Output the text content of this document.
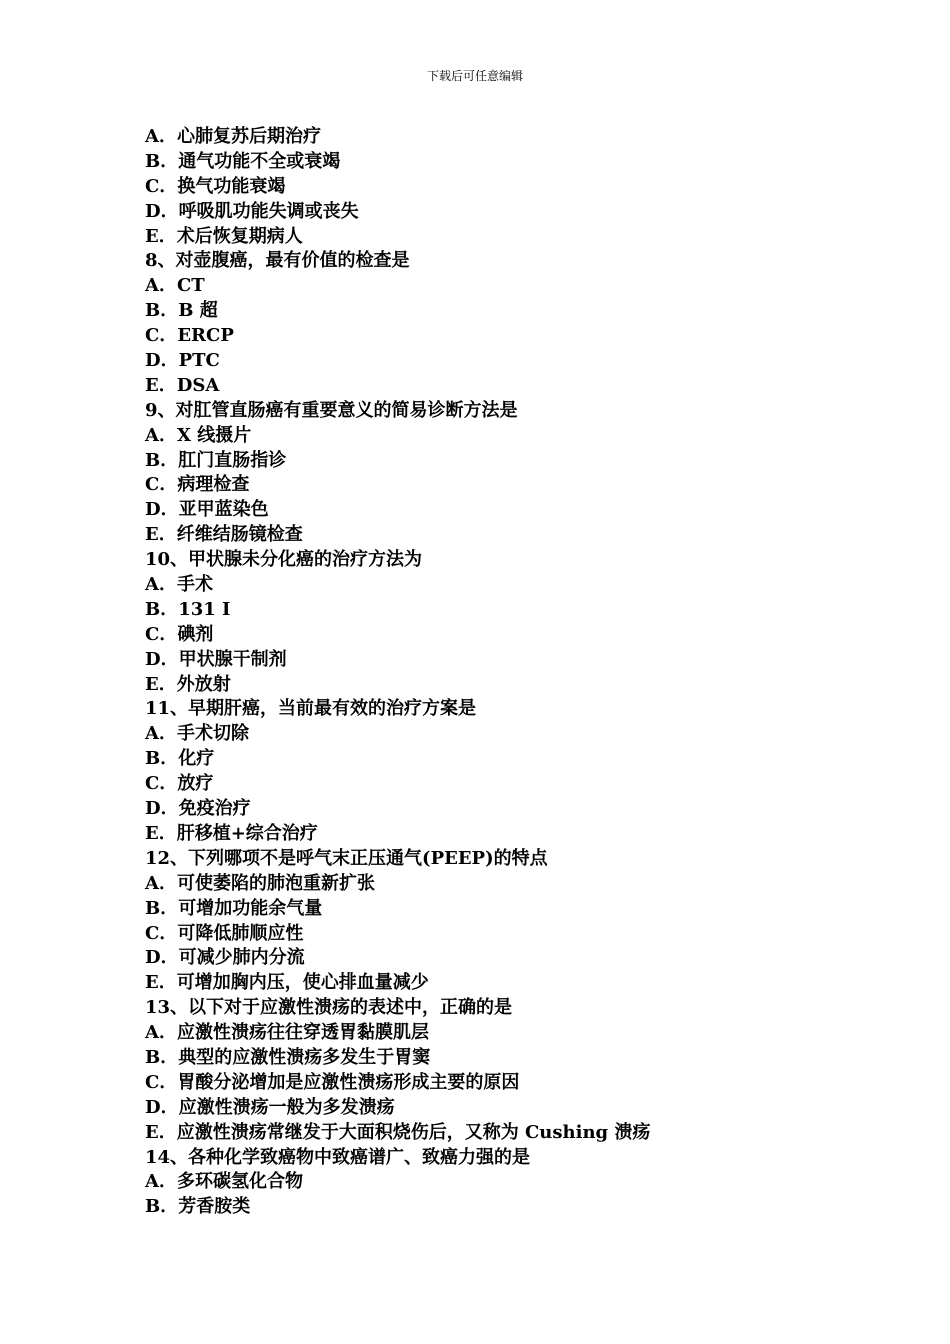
下载后可任意编辑
A．心肺复苏后期治疗
B．通气功能不全或衰竭
C．换气功能衰竭
D．呼吸肌功能失调或丧失
E．术后恢复期病人
8、对壶腹癌，最有价值的检查是
A．CT
B．B 超
C．ERCP
D．PTC
E．DSA
9、对肛管直肠癌有重要意义的简易诊断方法是
A．X 线摄片
B．肛门直肠指诊
C．病理检查
D．亚甲蓝染色
E．纤维结肠镜检查
10、甲状腺未分化癌的治疗方法为
A．手术
B．131 I
C．碘剂
D．甲状腺干制剂
E．外放射
11、早期肝癌，当前最有效的治疗方案是
A．手术切除
B．化疗
C．放疗
D．免疫治疗
E．肝移植+综合治疗
12、下列哪项不是呼气末正压通气(PEEP)的特点
A．可使萎陷的肺泡重新扩张
B．可增加功能余气量
C．可降低肺顺应性
D．可减少肺内分流
E．可增加胸内压，使心排血量减少
13、以下对于应激性溃疡的表述中，正确的是
A．应激性溃疡往往穿透胃黏膜肌层
B．典型的应激性溃疡多发生于胃窦
C．胃酸分泌增加是应激性溃疡形成主要的原因
D．应激性溃疡一般为多发溃疡
E．应激性溃疡常继发于大面积烧伤后，又称为 Cushing 溃疡
14、各种化学致癌物中致癌谱广、致癌力强的是
A．多环碳氢化合物
B．芳香胺类
